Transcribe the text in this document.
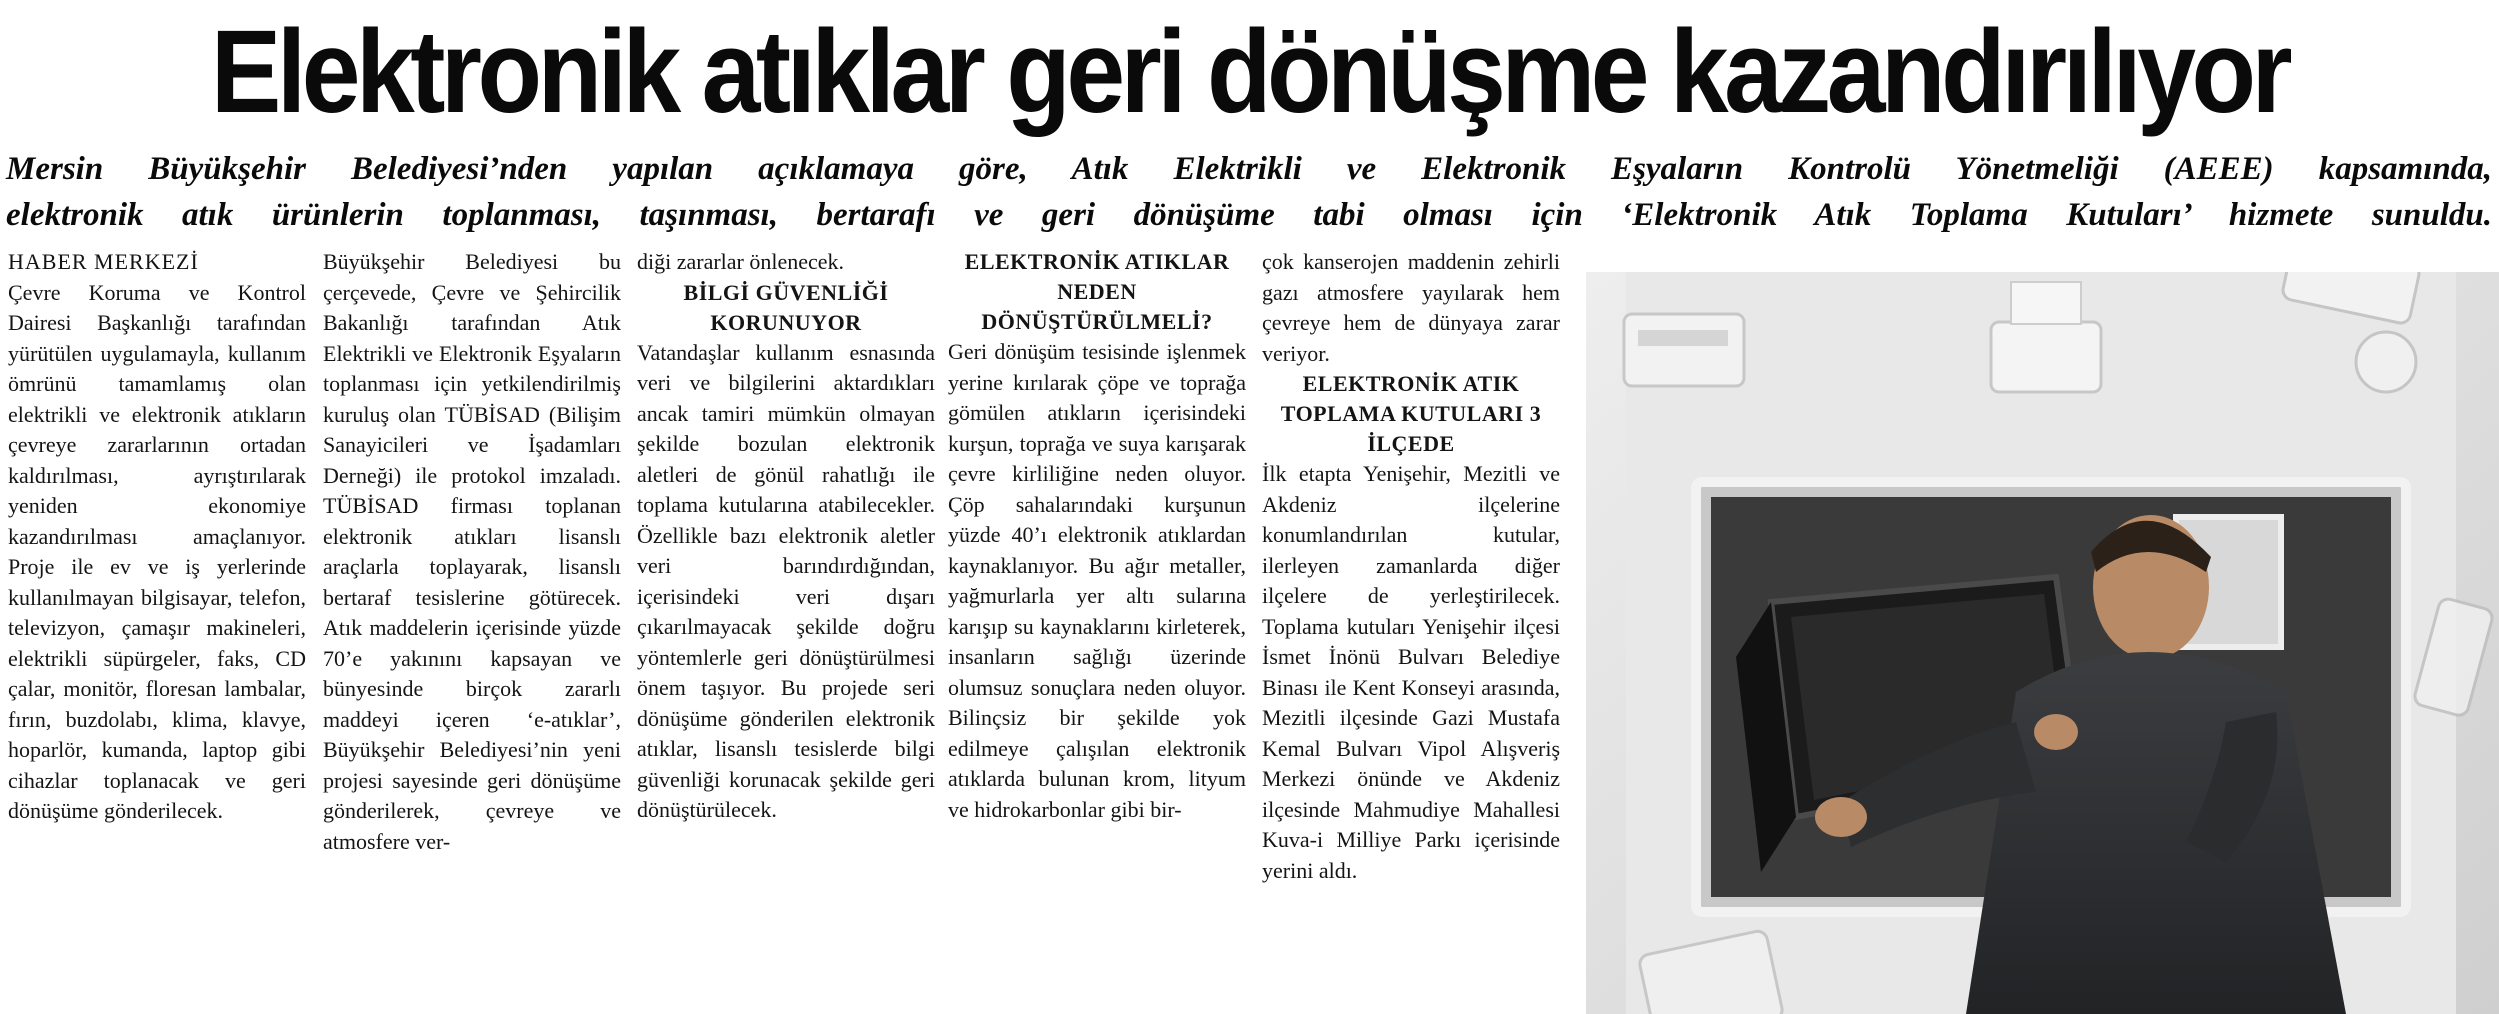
Elektronik atıklar geri dönüşme kazandırılıyor
Mersin Büyükşehir Belediyesi’nden yapılan açıklamaya göre, Atık Elektrikli ve Elektronik Eşyaların Kontrolü Yönetmeliği (AEEE) kapsamında,
elektronik atık ürünlerin toplanması, taşınması, bertarafı ve geri dönüşüme tabi olması için ‘Elektronik Atık Toplama Kutuları’ hizmete sunuldu.
HABER MERKEZİ

Çevre Koruma ve Kontrol Dairesi Başkanlığı tarafından yürütülen uygulamayla, kullanım ömrünü tamamlamış olan elektrikli ve elektronik atıkların çevreye zararlarının ortadan kaldırılması, ayrıştırılarak yeniden ekonomiye kazandırılması amaçlanıyor. Proje ile ev ve iş yerlerinde kullanılmayan bilgisayar, telefon, televizyon, çamaşır makineleri, elektrikli süpürgeler, faks, CD çalar, monitör, floresan lambalar, fırın, buzdolabı, klima, klavye, hoparlör, kumanda, laptop gibi cihazlar toplanacak ve geri dönüşüme gönderilecek.

Büyükşehir Belediyesi bu çerçevede, Çevre ve Şehircilik Bakanlığı tarafından Atık Elektrikli ve Elektronik Eşyaların toplanması için yetkilendirilmiş kuruluş olan TÜBİSAD (Bilişim Sanayicileri ve İşadamları Derneği) ile protokol imzaladı. TÜBİSAD firması toplanan elektronik atıkları lisanslı araçlarla toplayarak, lisanslı bertaraf tesislerine götürecek. Atık maddelerin içerisinde yüzde 70’e yakınını kapsayan ve bünyesinde birçok zararlı maddeyi içeren ‘e-atıklar’, Büyükşehir Belediyesi’nin yeni projesi sayesinde geri dönüşüme gönderilerek, çevreye ve atmosfere ver-

diği zararlar önlenecek.

BİLGİ GÜVENLİĞİ KORUNUYOR

Vatandaşlar kullanım esnasında veri ve bilgilerini aktardıkları ancak tamiri mümkün olmayan şekilde bozulan elektronik aletleri de gönül rahatlığı ile toplama kutularına atabilecekler. Özellikle bazı elektronik aletler veri barındırdığından, içerisindeki veri dışarı çıkarılmayacak şekilde doğru yöntemlerle geri dönüştürülmesi önem taşıyor. Bu projede seri dönüşüme gönderilen elektronik atıklar, lisanslı tesislerde bilgi güvenliği korunacak şekilde geri dönüştürülecek.

ELEKTRONİK ATIKLAR NEDEN DÖNÜŞTÜRÜLMELİ?

Geri dönüşüm tesisinde işlenmek yerine kırılarak çöpe ve toprağa gömülen atıkların içerisindeki kurşun, toprağa ve suya karışarak çevre kirliliğine neden oluyor. Çöp sahalarındaki kurşunun yüzde 40’ı elektronik atıklardan kaynaklanıyor. Bu ağır metaller, yağmurlarla yer altı sularına karışıp su kaynaklarını kirleterek, insanların sağlığı üzerinde olumsuz sonuçlara neden oluyor. Bilinçsiz bir şekilde yok edilmeye çalışılan elektronik atıklarda bulunan krom, lityum ve hidrokarbonlar gibi bir-

çok kanserojen maddenin zehirli gazı atmosfere yayılarak hem çevreye hem de dünyaya zarar veriyor.

ELEKTRONİK ATIK TOPLAMA KUTULARI 3 İLÇEDE

İlk etapta Yenişehir, Mezitli ve Akdeniz ilçelerine konumlandırılan kutular, ilerleyen zamanlarda diğer ilçelere de yerleştirilecek. Toplama kutuları Yenişehir ilçesi İsmet İnönü Bulvarı Belediye Binası ile Kent Konseyi arasında, Mezitli ilçesinde Gazi Mustafa Kemal Bulvarı Vipol Alışveriş Merkezi önünde ve Akdeniz ilçesinde Mahmudiye Mahallesi Kuva-i Milliye Parkı içerisinde yerini aldı.
